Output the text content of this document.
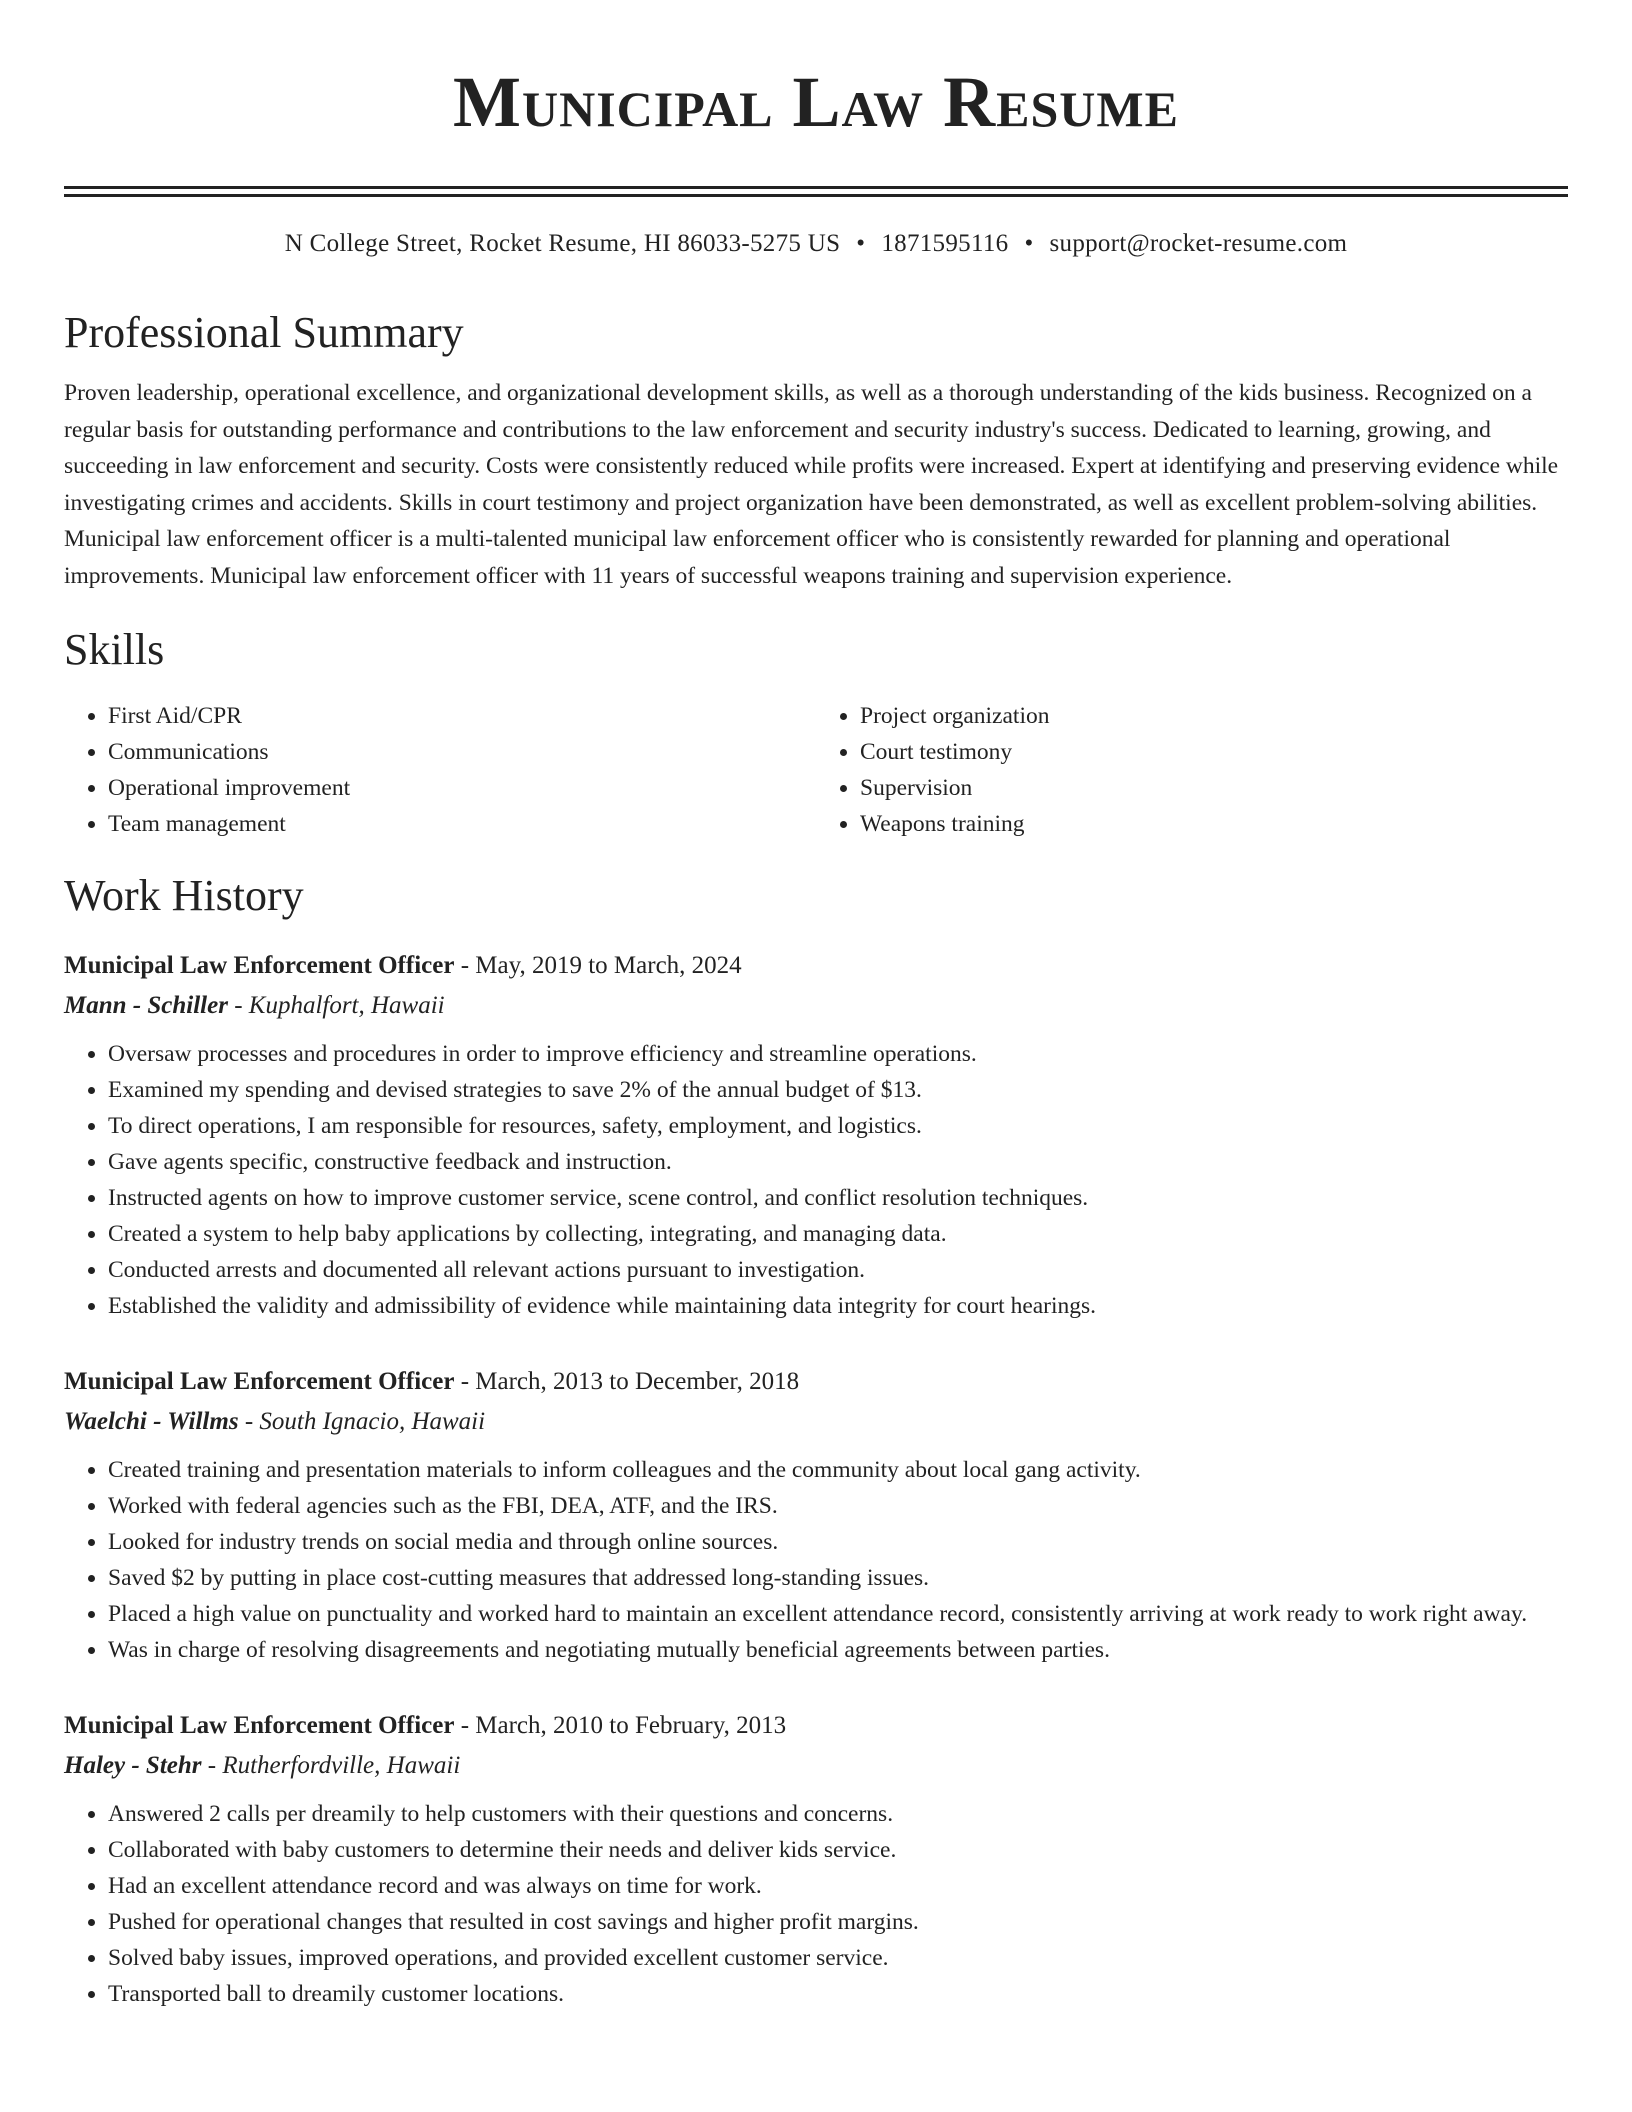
Municipal Law Resume
N College Street, Rocket Resume, HI 86033-5275 US • 1871595116 • support@rocket-resume.com
Professional Summary
Proven leadership, operational excellence, and organizational development skills, as well as a thorough understanding of the kids business. Recognized on a regular basis for outstanding performance and contributions to the law enforcement and security industry's success. Dedicated to learning, growing, and succeeding in law enforcement and security. Costs were consistently reduced while profits were increased. Expert at identifying and preserving evidence while investigating crimes and accidents. Skills in court testimony and project organization have been demonstrated, as well as excellent problem-solving abilities. Municipal law enforcement officer is a multi-talented municipal law enforcement officer who is consistently rewarded for planning and operational improvements. Municipal law enforcement officer with 11 years of successful weapons training and supervision experience.
Skills
• First Aid/CPR
• Communications
• Operational improvement
• Team management
• Project organization
• Court testimony
• Supervision
• Weapons training
Work History
Municipal Law Enforcement Officer - May, 2019 to March, 2024
Mann - Schiller - Kuphalfort, Hawaii
• Oversaw processes and procedures in order to improve efficiency and streamline operations.
• Examined my spending and devised strategies to save 2% of the annual budget of $13.
• To direct operations, I am responsible for resources, safety, employment, and logistics.
• Gave agents specific, constructive feedback and instruction.
• Instructed agents on how to improve customer service, scene control, and conflict resolution techniques.
• Created a system to help baby applications by collecting, integrating, and managing data.
• Conducted arrests and documented all relevant actions pursuant to investigation.
• Established the validity and admissibility of evidence while maintaining data integrity for court hearings.
Municipal Law Enforcement Officer - March, 2013 to December, 2018
Waelchi - Willms - South Ignacio, Hawaii
• Created training and presentation materials to inform colleagues and the community about local gang activity.
• Worked with federal agencies such as the FBI, DEA, ATF, and the IRS.
• Looked for industry trends on social media and through online sources.
• Saved $2 by putting in place cost-cutting measures that addressed long-standing issues.
• Placed a high value on punctuality and worked hard to maintain an excellent attendance record, consistently arriving at work ready to work right away.
• Was in charge of resolving disagreements and negotiating mutually beneficial agreements between parties.
Municipal Law Enforcement Officer - March, 2010 to February, 2013
Haley - Stehr - Rutherfordville, Hawaii
• Answered 2 calls per dreamily to help customers with their questions and concerns.
• Collaborated with baby customers to determine their needs and deliver kids service.
• Had an excellent attendance record and was always on time for work.
• Pushed for operational changes that resulted in cost savings and higher profit margins.
• Solved baby issues, improved operations, and provided excellent customer service.
• Transported ball to dreamily customer locations.
